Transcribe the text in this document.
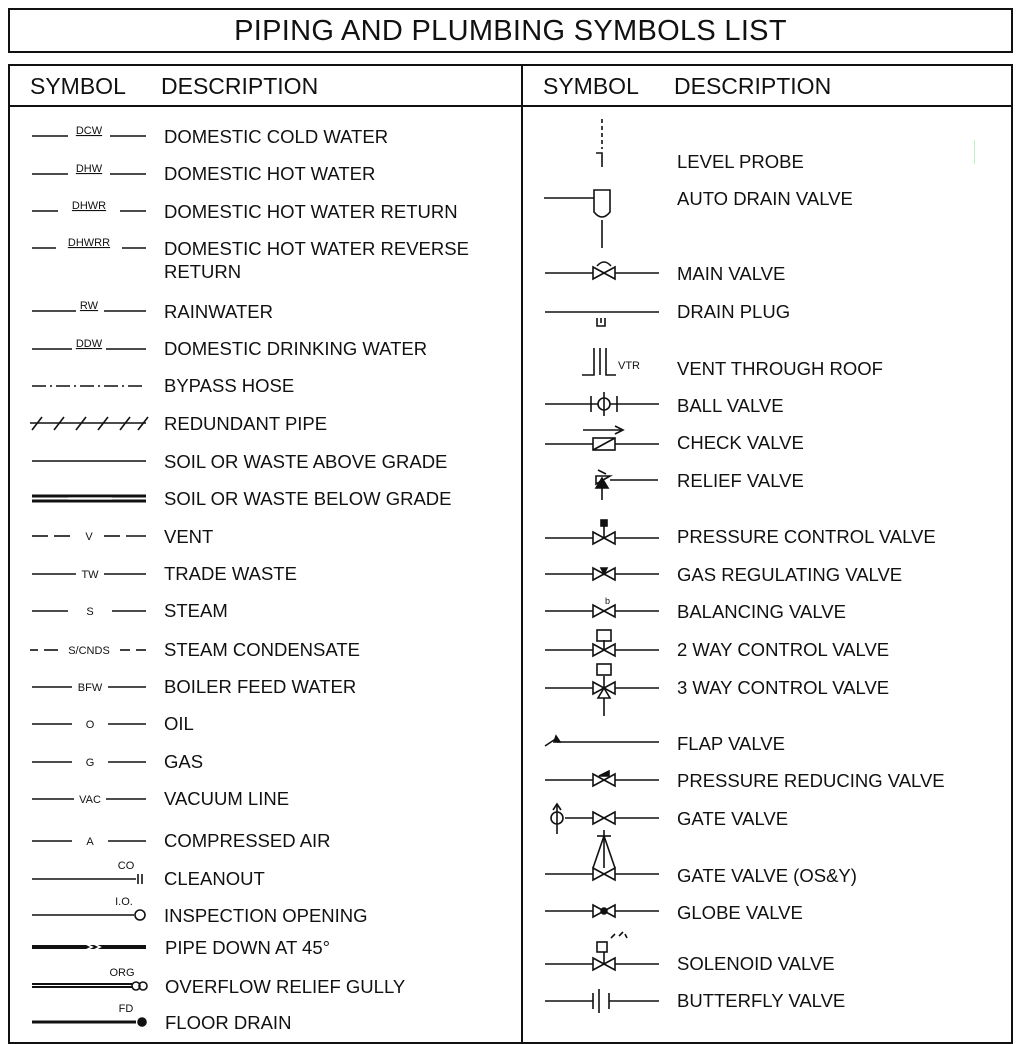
PIPING AND PLUMBING SYMBOLS LIST
SYMBOL DESCRIPTION	SYMBOL DESCRIPTION
DOMESTIC COLD WATER
DOMESTIC HOT WATER
DOMESTIC HOT WATER RETURN
DOMESTIC HOT WATER REVERSE
RETURN
RAINWATER
DOMESTIC DRINKING WATER
BYPASS HOSE
REDUNDANT PIPE
SOIL OR WASTE ABOVE GRADE
SOIL OR WASTE BELOW GRADE
VENT
TRADE WASTE
STEAM
STEAM CONDENSATE
BOILER FEED WATER
OIL
GAS
VACUUM LINE
COMPRESSED AIR
CLEANOUT
INSPECTION OPENING
PIPE DOWN AT 45°
OVERFLOW RELIEF GULLY
FLOOR DRAIN
DCW
DHW
DHWR
DHWRR
RW
DDW
V
TW
S
S/CNDS
BFW
O
G
VAC
A
CO
I.O.
ORG
FD
LEVEL PROBE
AUTO DRAIN VALVE
MAIN VALVE
DRAIN PLUG
VENT THROUGH ROOF
BALL VALVE
CHECK VALVE
RELIEF VALVE
PRESSURE CONTROL VALVE
GAS REGULATING VALVE
BALANCING VALVE
2 WAY CONTROL VALVE
3 WAY CONTROL VALVE
FLAP VALVE
PRESSURE REDUCING VALVE
GATE VALVE
GATE VALVE (OS&Y)
GLOBE VALVE
SOLENOID VALVE
BUTTERFLY VALVE
VTR
b
